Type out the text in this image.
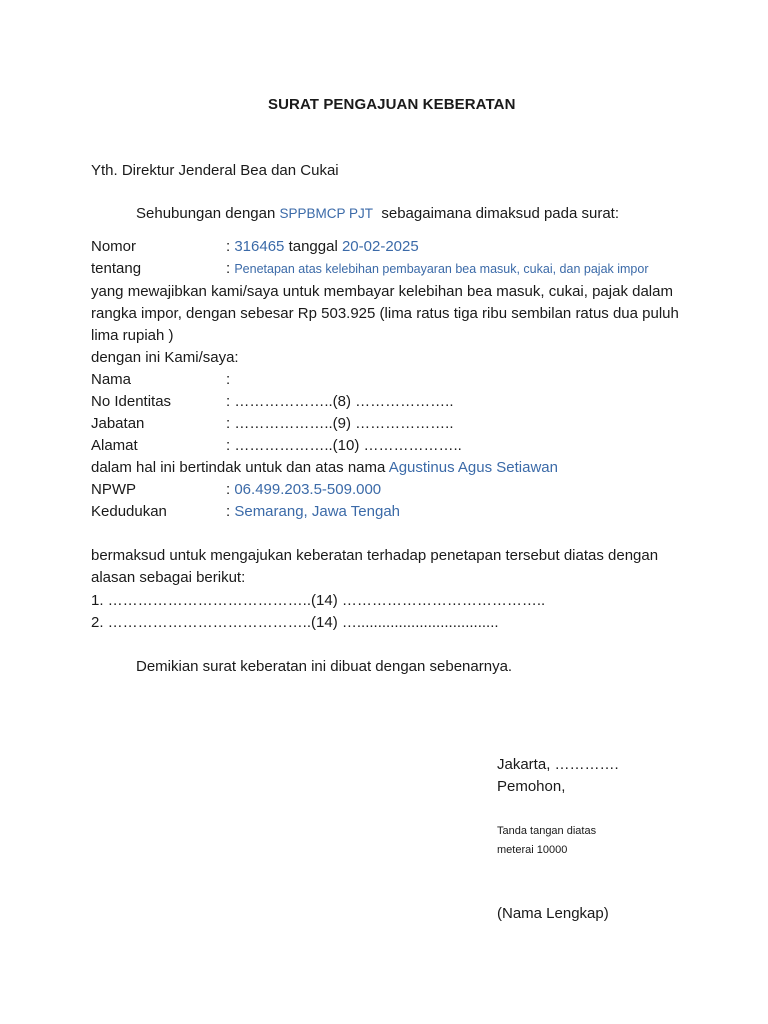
SURAT PENGAJUAN KEBERATAN
Yth. Direktur Jenderal Bea dan Cukai
Sehubungan dengan SPPBMCP PJT sebagaimana dimaksud pada surat:
Nomor	: 316465 tanggal 20-02-2025
tentang	: Penetapan atas kelebihan pembayaran bea masuk, cukai, dan pajak impor
yang mewajibkan kami/saya untuk membayar kelebihan bea masuk, cukai, pajak dalam
rangka impor, dengan sebesar Rp 503.925 (lima ratus tiga ribu sembilan ratus dua puluh
lima rupiah )
dengan ini Kami/saya:
Nama	:
No Identitas	: ………………..(8) ………………..
Jabatan	: ………………..(9) ………………..
Alamat	: ………………..(10) ………………..
dalam hal ini bertindak untuk dan atas nama Agustinus Agus Setiawan
NPWP	: 06.499.203.5-509.000
Kedudukan	: Semarang, Jawa Tengah
bermaksud untuk mengajukan keberatan terhadap penetapan tersebut diatas dengan
alasan sebagai berikut:
1. …………………………………..(14) …………………………………..
2. …………………………………..(14) …..................................
Demikian surat keberatan ini dibuat dengan sebenarnya.
Jakarta, ………….
Pemohon,
Tanda tangan diatas
meterai 10000
(Nama Lengkap)
